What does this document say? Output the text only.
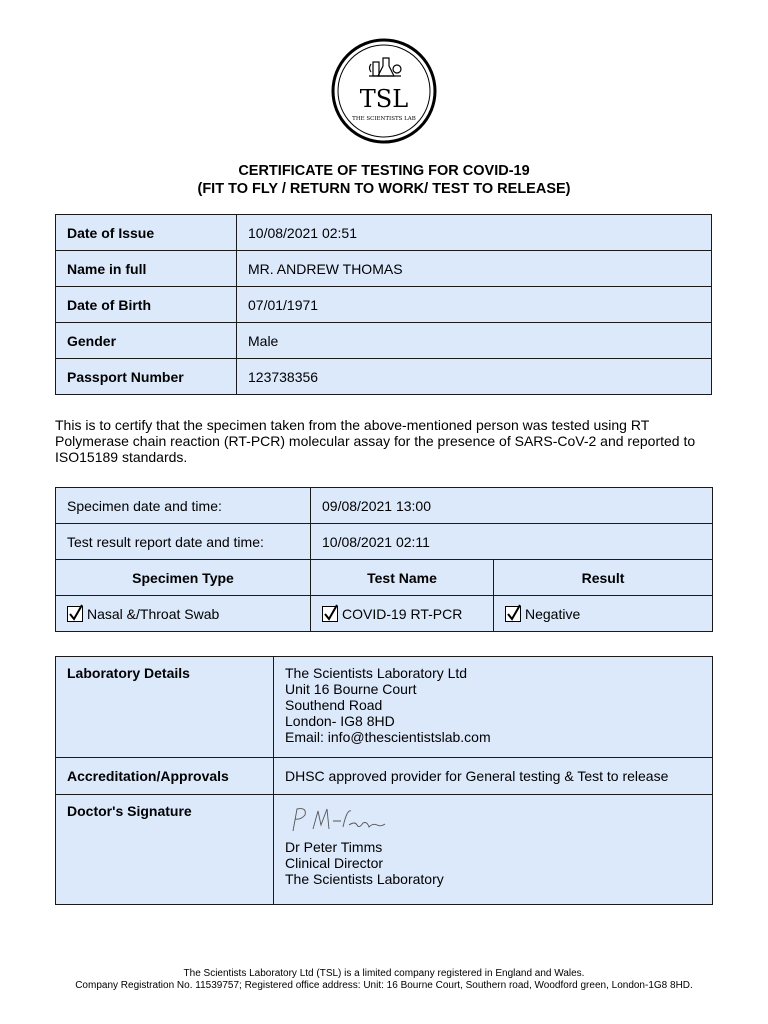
TSL
THE SCIENTISTS LAB
CERTIFICATE OF TESTING FOR COVID-19
(FIT TO FLY / RETURN TO WORK/ TEST TO RELEASE)
Date of Issue	10/08/2021 02:51
Name in full	MR. ANDREW THOMAS
Date of Birth	07/01/1971
Gender	Male
Passport Number	123738356
This is to certify that the specimen taken from the above-mentioned person was tested using RT Polymerase chain reaction (RT-PCR) molecular assay for the presence of SARS-CoV-2 and reported to ISO15189 standards.
Specimen date and time:	09/08/2021 13:00	
Test result report date and time:	10/08/2021 02:11	
Specimen Type	Test Name	Result

Nasal &/Throat Swab	COVID-19 RT-PCR	Negative
Laboratory Details	The Scientists Laboratory Ltd
Unit 16 Bourne Court
Southend Road
London- IG8 8HD
Email: info@thescientistslab.com

Accreditation/Approvals	DHSC approved provider for General testing & Test to release
Doctor's Signature	Dr Peter Timms
Clinical Director
The Scientists Laboratory
The Scientists Laboratory Ltd (TSL) is a limited company registered in England and Wales.
Company Registration No. 11539757; Registered office address: Unit: 16 Bourne Court, Southern road, Woodford green, London-1G8 8HD.
